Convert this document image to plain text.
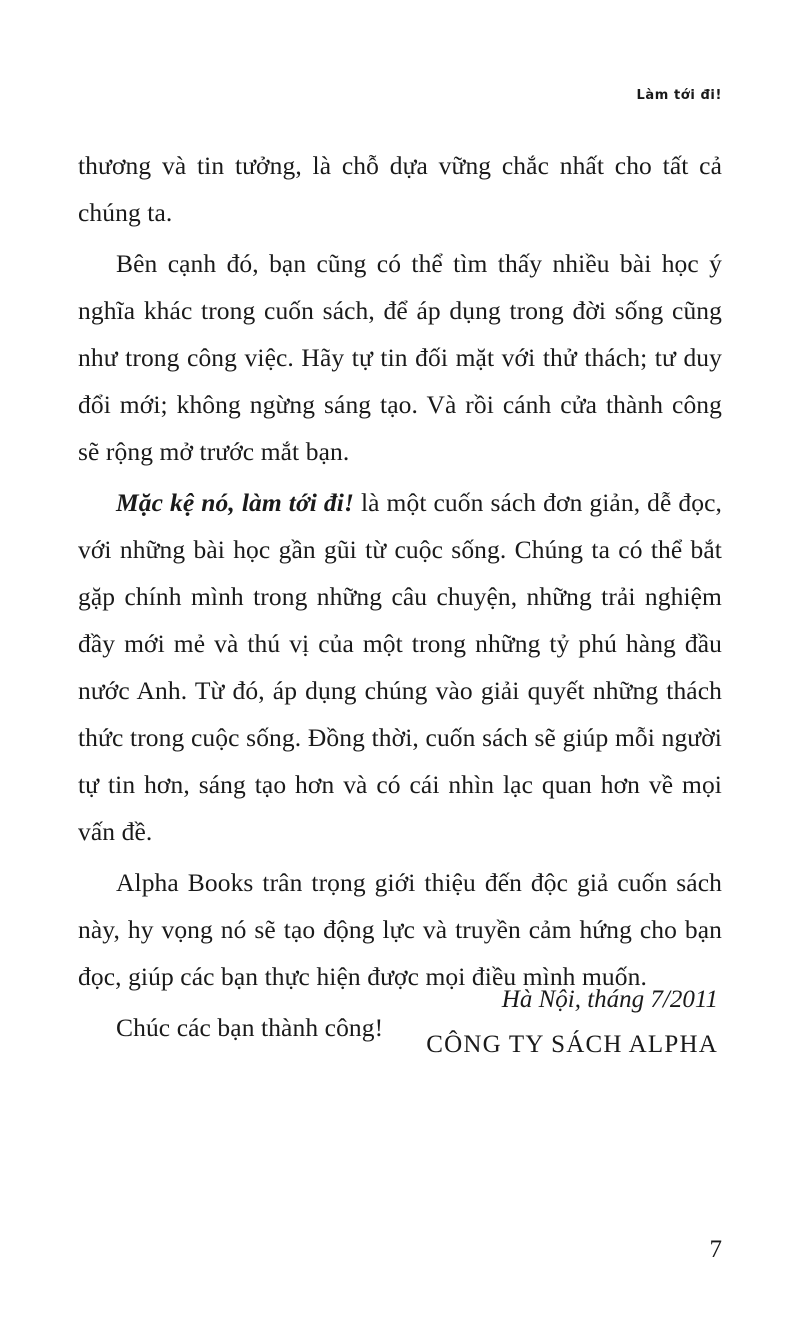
Làm tới đi!

thương và tin tưởng, là chỗ dựa vững chắc nhất cho tất cả chúng ta.

Bên cạnh đó, bạn cũng có thể tìm thấy nhiều bài học ý nghĩa khác trong cuốn sách, để áp dụng trong đời sống cũng như trong công việc. Hãy tự tin đối mặt với thử thách; tư duy đổi mới; không ngừng sáng tạo. Và rồi cánh cửa thành công sẽ rộng mở trước mắt bạn.

Mặc kệ nó, làm tới đi! là một cuốn sách đơn giản, dễ đọc, với những bài học gần gũi từ cuộc sống. Chúng ta có thể bắt gặp chính mình trong những câu chuyện, những trải nghiệm đầy mới mẻ và thú vị của một trong những tỷ phú hàng đầu nước Anh. Từ đó, áp dụng chúng vào giải quyết những thách thức trong cuộc sống. Đồng thời, cuốn sách sẽ giúp mỗi người tự tin hơn, sáng tạo hơn và có cái nhìn lạc quan hơn về mọi vấn đề.

Alpha Books trân trọng giới thiệu đến độc giả cuốn sách này, hy vọng nó sẽ tạo động lực và truyền cảm hứng cho bạn đọc, giúp các bạn thực hiện được mọi điều mình muốn.

Chúc các bạn thành công!

Hà Nội, tháng 7/2011
CÔNG TY SÁCH ALPHA
7
